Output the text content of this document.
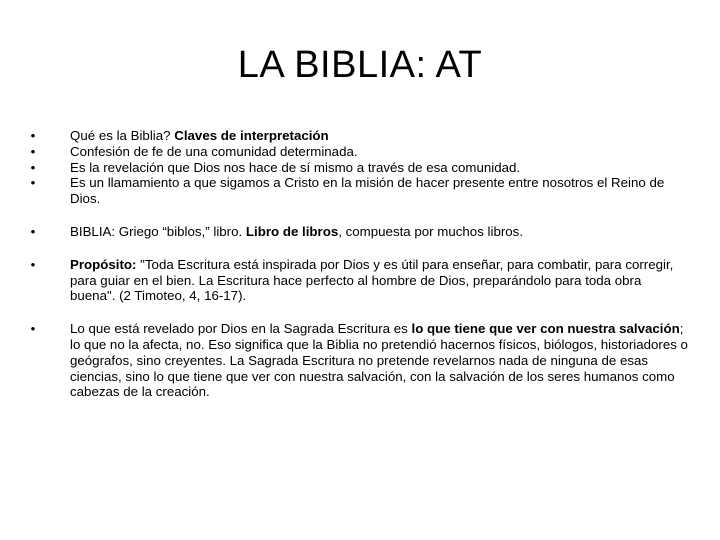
LA BIBLIA: AT
•	Qué es la Biblia? Claves de interpretación
•	Confesión de fe de una comunidad determinada.
•	Es la revelación que Dios nos hace de sí mismo a través de esa comunidad.
•	Es un llamamiento a que sigamos a Cristo en la misión de hacer presente entre nosotros el Reino de Dios.
•	BIBLIA: Griego “biblos,” libro. Libro de libros, compuesta por muchos libros.
•	Propósito: "Toda Escritura está inspirada por Dios y es útil para enseñar, para combatir, para corregir, para guiar en el bien. La Escritura hace perfecto al hombre de Dios, preparándolo para toda obra buena". (2 Timoteo, 4, 16-17).
•	Lo que está revelado por Dios en la Sagrada Escritura es lo que tiene que ver con nuestra salvación; lo que no la afecta, no. Eso significa que la Biblia no pretendió hacernos físicos, biólogos, historiadores o geógrafos, sino creyentes. La Sagrada Escritura no pretende revelarnos nada de ninguna de esas ciencias, sino lo que tiene que ver con nuestra salvación, con la salvación de los seres humanos como cabezas de la creación.
